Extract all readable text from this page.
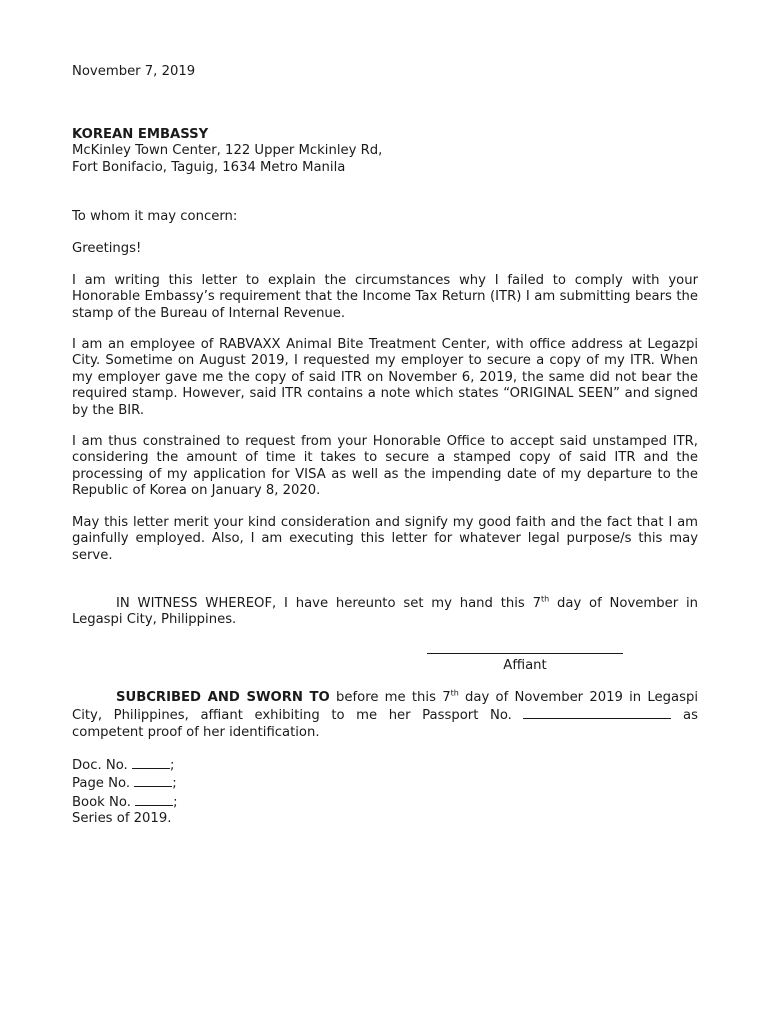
November 7, 2019
KOREAN EMBASSY
McKinley Town Center, 122 Upper Mckinley Rd,
Fort Bonifacio, Taguig, 1634 Metro Manila
To whom it may concern:
Greetings!
I am writing this letter to explain the circumstances why I failed to comply with your Honorable Embassy’s requirement that the Income Tax Return (ITR) I am submitting bears the stamp of the Bureau of Internal Revenue.
I am an employee of RABVAXX Animal Bite Treatment Center, with office address at Legazpi City. Sometime on August 2019, I requested my employer to secure a copy of my ITR. When my employer gave me the copy of said ITR on November 6, 2019, the same did not bear the required stamp. However, said ITR contains a note which states “ORIGINAL SEEN” and signed by the BIR.
I am thus constrained to request from your Honorable Office to accept said unstamped ITR, considering the amount of time it takes to secure a stamped copy of said ITR and the processing of my application for VISA as well as the impending date of my departure to the Republic of Korea on January 8, 2020.
May this letter merit your kind consideration and signify my good faith and the fact that I am gainfully employed. Also, I am executing this letter for whatever legal purpose/s this may serve.
IN WITNESS WHEREOF, I have hereunto set my hand this 7th day of November in Legaspi City, Philippines.
Affiant
SUBCRIBED AND SWORN TO before me this 7th day of November 2019 in Legaspi City, Philippines, affiant exhibiting to me her Passport No.	as competent proof of her identification.
Doc. No.	;
Page No.	;
Book No.	;
Series of 2019.
